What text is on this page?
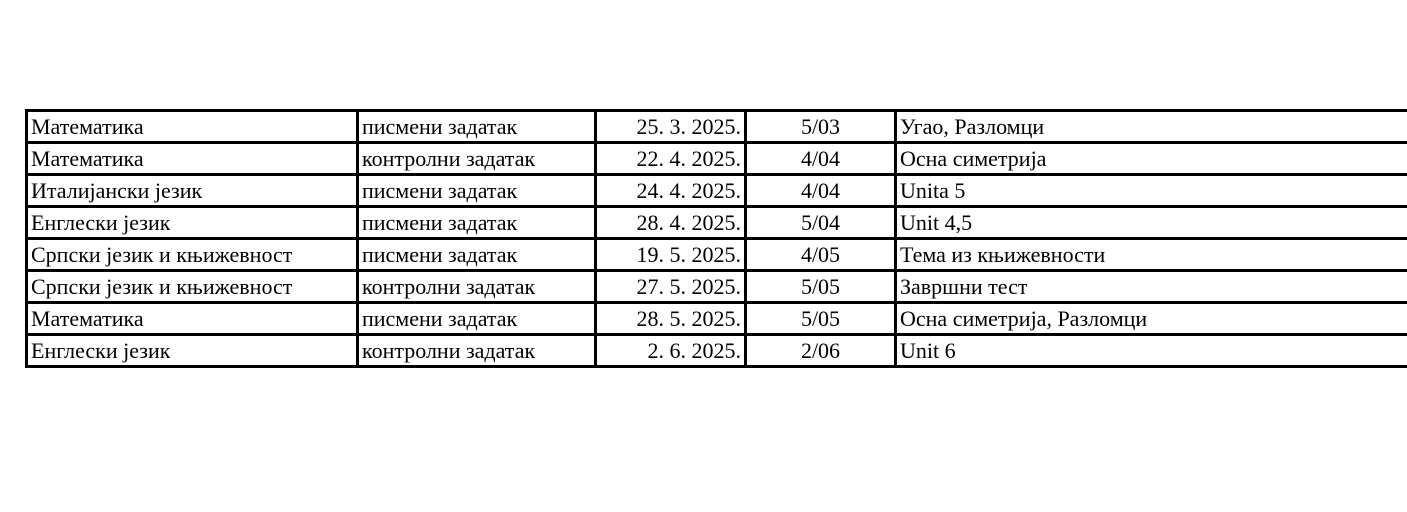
Математика	писмени задатак	25. 3. 2025.	5/03	Угао, Разломци
Математика	контролни задатак	22. 4. 2025.	4/04	Осна симетрија
Италијански језик	писмени задатак	24. 4. 2025.	4/04	Unita 5
Енглески језик	писмени задатак	28. 4. 2025.	5/04	Unit 4,5
Српски језик и књижевност	писмени задатак	19. 5. 2025.	4/05	Тема из књижевности
Српски језик и књижевност	контролни задатак	27. 5. 2025.	5/05	Завршни тест
Математика	писмени задатак	28. 5. 2025.	5/05	Осна симетрија, Разломци
Енглески језик	контролни задатак	2. 6. 2025.	2/06	Unit 6
